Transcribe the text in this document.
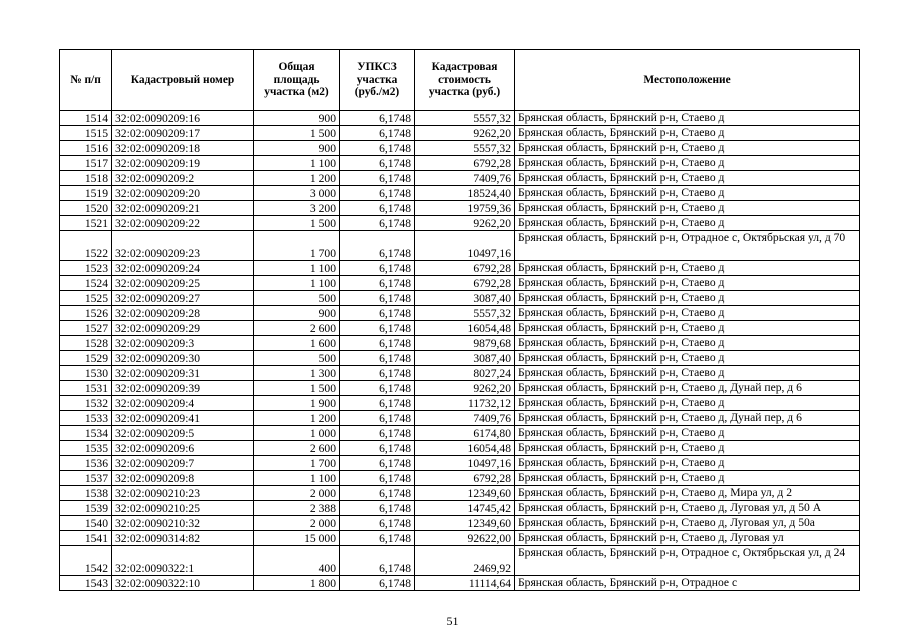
№ п/п	Кадастровый номер	Общая площадь участка (м2)	УПКСЗ участка (руб./м2)	Кадастровая стоимость участка (руб.)	Местоположение
1514	32:02:0090209:16	900	6,1748	5557,32	Брянская область, Брянский р-н, Стаево д
1515	32:02:0090209:17	1 500	6,1748	9262,20	Брянская область, Брянский р-н, Стаево д
1516	32:02:0090209:18	900	6,1748	5557,32	Брянская область, Брянский р-н, Стаево д
1517	32:02:0090209:19	1 100	6,1748	6792,28	Брянская область, Брянский р-н, Стаево д
1518	32:02:0090209:2	1 200	6,1748	7409,76	Брянская область, Брянский р-н, Стаево д
1519	32:02:0090209:20	3 000	6,1748	18524,40	Брянская область, Брянский р-н, Стаево д
1520	32:02:0090209:21	3 200	6,1748	19759,36	Брянская область, Брянский р-н, Стаево д
1521	32:02:0090209:22	1 500	6,1748	9262,20	Брянская область, Брянский р-н, Стаево д
1522	32:02:0090209:23	1 700	6,1748	10497,16	Брянская область, Брянский р-н, Отрадное с, Октябрьская ул, д 70
1523	32:02:0090209:24	1 100	6,1748	6792,28	Брянская область, Брянский р-н, Стаево д
1524	32:02:0090209:25	1 100	6,1748	6792,28	Брянская область, Брянский р-н, Стаево д
1525	32:02:0090209:27	500	6,1748	3087,40	Брянская область, Брянский р-н, Стаево д
1526	32:02:0090209:28	900	6,1748	5557,32	Брянская область, Брянский р-н, Стаево д
1527	32:02:0090209:29	2 600	6,1748	16054,48	Брянская область, Брянский р-н, Стаево д
1528	32:02:0090209:3	1 600	6,1748	9879,68	Брянская область, Брянский р-н, Стаево д
1529	32:02:0090209:30	500	6,1748	3087,40	Брянская область, Брянский р-н, Стаево д
1530	32:02:0090209:31	1 300	6,1748	8027,24	Брянская область, Брянский р-н, Стаево д
1531	32:02:0090209:39	1 500	6,1748	9262,20	Брянская область, Брянский р-н, Стаево д, Дунай пер, д 6
1532	32:02:0090209:4	1 900	6,1748	11732,12	Брянская область, Брянский р-н, Стаево д
1533	32:02:0090209:41	1 200	6,1748	7409,76	Брянская область, Брянский р-н, Стаево д, Дунай пер, д 6
1534	32:02:0090209:5	1 000	6,1748	6174,80	Брянская область, Брянский р-н, Стаево д
1535	32:02:0090209:6	2 600	6,1748	16054,48	Брянская область, Брянский р-н, Стаево д
1536	32:02:0090209:7	1 700	6,1748	10497,16	Брянская область, Брянский р-н, Стаево д
1537	32:02:0090209:8	1 100	6,1748	6792,28	Брянская область, Брянский р-н, Стаево д
1538	32:02:0090210:23	2 000	6,1748	12349,60	Брянская область, Брянский р-н, Стаево д, Мира ул, д 2
1539	32:02:0090210:25	2 388	6,1748	14745,42	Брянская область, Брянский р-н, Стаево д, Луговая ул, д 50 А
1540	32:02:0090210:32	2 000	6,1748	12349,60	Брянская область, Брянский р-н, Стаево д, Луговая ул, д 50а
1541	32:02:0090314:82	15 000	6,1748	92622,00	Брянская область, Брянский р-н, Стаево д, Луговая ул
1542	32:02:0090322:1	400	6,1748	2469,92	Брянская область, Брянский р-н, Отрадное с, Октябрьская ул, д 24
1543	32:02:0090322:10	1 800	6,1748	11114,64	Брянская область, Брянский р-н, Отрадное с
51
